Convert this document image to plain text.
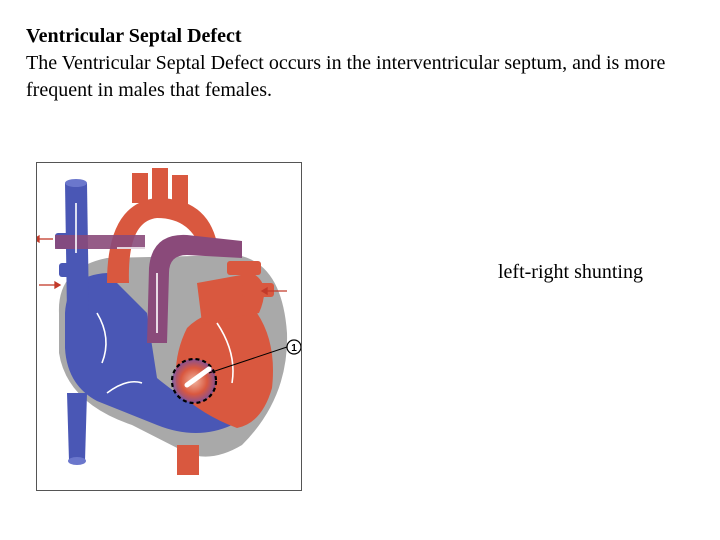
Ventricular Septal Defect
The Ventricular Septal Defect occurs in the interventricular septum, and is more frequent in males that females.
1
left-right shunting
